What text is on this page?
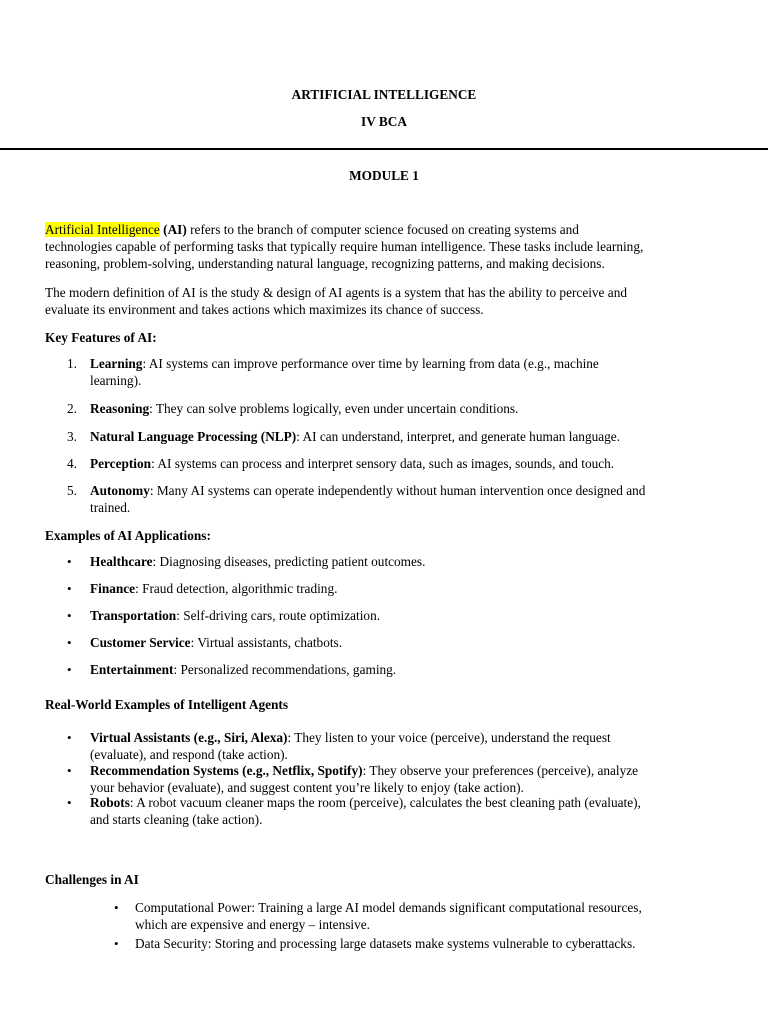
ARTIFICIAL INTELLIGENCE
IV BCA
MODULE 1

Artificial Intelligence (AI) refers to the branch of computer science focused on creating systems and

technologies capable of performing tasks that typically require human intelligence. These tasks include learning,

reasoning, problem-solving, understanding natural language, recognizing patterns, and making decisions.

The modern definition of AI is the study & design of AI agents is a system that has the ability to perceive and

evaluate its environment and takes actions which maximizes its chance of success.

Key Features of AI:
1. Learning: AI systems can improve performance over time by learning from data (e.g., machine

learning).

2. Reasoning: They can solve problems logically, even under uncertain conditions.

3. Natural Language Processing (NLP): AI can understand, interpret, and generate human language.

4. Perception: AI systems can process and interpret sensory data, such as images, sounds, and touch.

5. Autonomy: Many AI systems can operate independently without human intervention once designed and

trained.

Examples of AI Applications:
• Healthcare: Diagnosing diseases, predicting patient outcomes.
• Finance: Fraud detection, algorithmic trading.
• Transportation: Self-driving cars, route optimization.
• Customer Service: Virtual assistants, chatbots.
• Entertainment: Personalized recommendations, gaming.
Real-World Examples of Intelligent Agents
• Virtual Assistants (e.g., Siri, Alexa): They listen to your voice (perceive), understand the request

(evaluate), and respond (take action).

• Recommendation Systems (e.g., Netflix, Spotify): They observe your preferences (perceive), analyze

your behavior (evaluate), and suggest content you’re likely to enjoy (take action).

• Robots: A robot vacuum cleaner maps the room (perceive), calculates the best cleaning path (evaluate),

and starts cleaning (take action).

Challenges in AI
• Computational Power: Training a large AI model demands significant computational resources,

which are expensive and energy – intensive.

• Data Security: Storing and processing large datasets make systems vulnerable to cyberattacks.
